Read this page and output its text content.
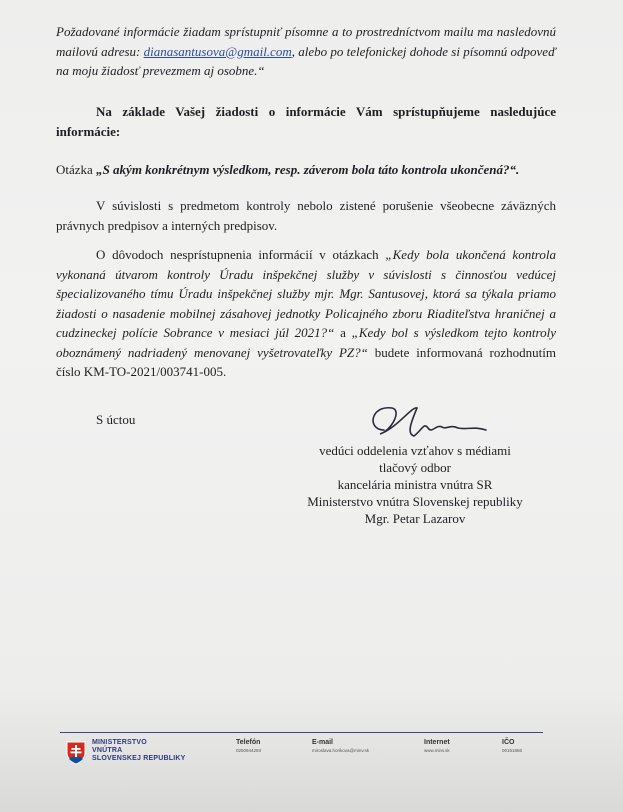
Požadované informácie žiadam sprístupniť písomne a to prostredníctvom mailu ma nasledovnú mailovú adresu: dianasantusova@gmail.com, alebo po telefonickej dohode si písomnú odpoveď na moju žiadosť prevezmem aj osobne.“

Na základe Vašej žiadosti o informácie Vám sprístupňujeme nasledujúce informácie:

Otázka „S akým konkrétnym výsledkom, resp. záverom bola táto kontrola ukončená?“.

V súvislosti s predmetom kontroly nebolo zistené porušenie všeobecne záväzných právnych predpisov a interných predpisov.

O dôvodoch nesprístupnenia informácií v otázkach „Kedy bola ukončená kontrola vykonaná útvarom kontroly Úradu inšpekčnej služby v súvislosti s činnosťou vedúcej špecializovaného tímu Úradu inšpekčnej služby mjr. Mgr. Santusovej, ktorá sa týkala priamo žiadosti o nasadenie mobilnej zásahovej jednotky Policajného zboru Riaditeľstva hraničnej a cudzineckej polície Sobrance v mesiaci júl 2021?“ a „Kedy bol s výsledkom tejto kontroly oboznámený nadriadený menovanej vyšetrovateľky PZ?“ budete informovaná rozhodnutím číslo KM-TO-2021/003741-005.

S úctou

vedúci oddelenia vzťahov s médiami
tlačový odbor
kancelária ministra vnútra SR
Ministerstvo vnútra Slovenskej republiky
Mgr. Petar Lazarov
MINISTERSTVO
VNÚTRA
SLOVENSKEJ REPUBLIKY
Telefón
0250944293
E-mail
miroslava.horikova@minv.sk
Internet
www.minv.sk
IČO
00151866
